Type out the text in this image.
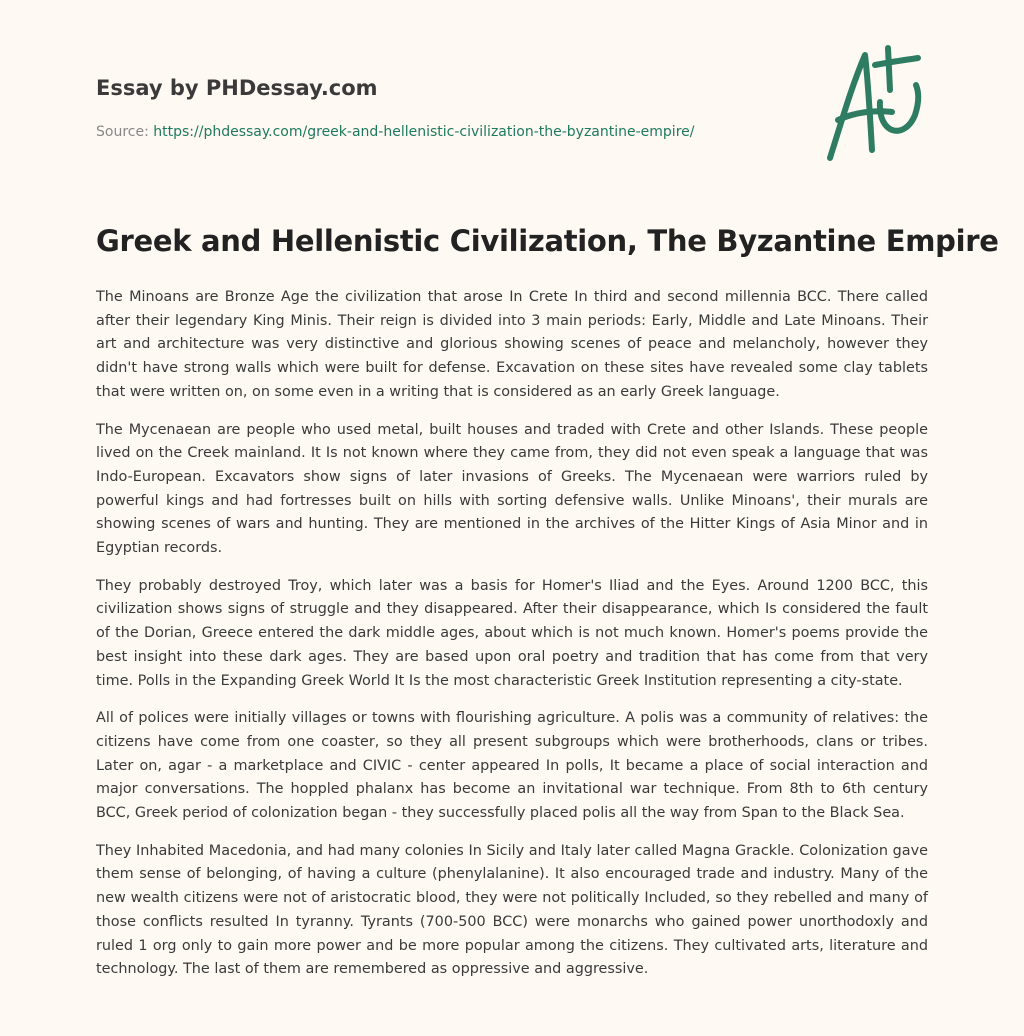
Essay by PHDessay.com

Source: https://phdessay.com/greek-and-hellenistic-civilization-the-byzantine-empire/
Greek and Hellenistic Civilization, The Byzantine Empire

The Minoans are Bronze Age the civilization that arose In Crete In third and second millennia BCC. There called after their legendary King Minis. Their reign is divided into 3 main periods: Early, Middle and Late Minoans. Their art and architecture was very distinctive and glorious showing scenes of peace and melancholy, however they didn't have strong walls which were built for defense. Excavation on these sites have revealed some clay tablets that were written on, on some even in a writing that is considered as an early Greek language.

The Mycenaean are people who used metal, built houses and traded with Crete and other Islands. These people lived on the Creek mainland. It Is not known where they came from, they did not even speak a language that was Indo-European. Excavators show signs of later invasions of Greeks. The Mycenaean were warriors ruled by powerful kings and had fortresses built on hills with sorting defensive walls. Unlike Minoans', their murals are showing scenes of wars and hunting. They are mentioned in the archives of the Hitter Kings of Asia Minor and in Egyptian records.

They probably destroyed Troy, which later was a basis for Homer's Iliad and the Eyes. Around 1200 BCC, this civilization shows signs of struggle and they disappeared. After their disappearance, which Is considered the fault of the Dorian, Greece entered the dark middle ages, about which is not much known. Homer's poems provide the best insight into these dark ages. They are based upon oral poetry and tradition that has come from that very time. Polls in the Expanding Greek World It Is the most characteristic Greek Institution representing a city-state.

All of polices were initially villages or towns with flourishing agriculture. A polis was a community of relatives: the citizens have come from one coaster, so they all present subgroups which were brotherhoods, clans or tribes. Later on, agar - a marketplace and CIVIC - center appeared In polls, It became a place of social interaction and major conversations. The hoppled phalanx has become an invitational war technique. From 8th to 6th century BCC, Greek period of colonization began - they successfully placed polis all the way from Span to the Black Sea.

They Inhabited Macedonia, and had many colonies In Sicily and Italy later called Magna Grackle. Colonization gave them sense of belonging, of having a culture (phenylalanine). It also encouraged trade and industry. Many of the new wealth citizens were not of aristocratic blood, they were not politically Included, so they rebelled and many of those conflicts resulted In tyranny. Tyrants (700-500 BCC) were monarchs who gained power unorthodoxly and ruled 1 org only to gain more power and be more popular among the citizens. They cultivated arts, literature and technology. The last of them are remembered as oppressive and aggressive.
